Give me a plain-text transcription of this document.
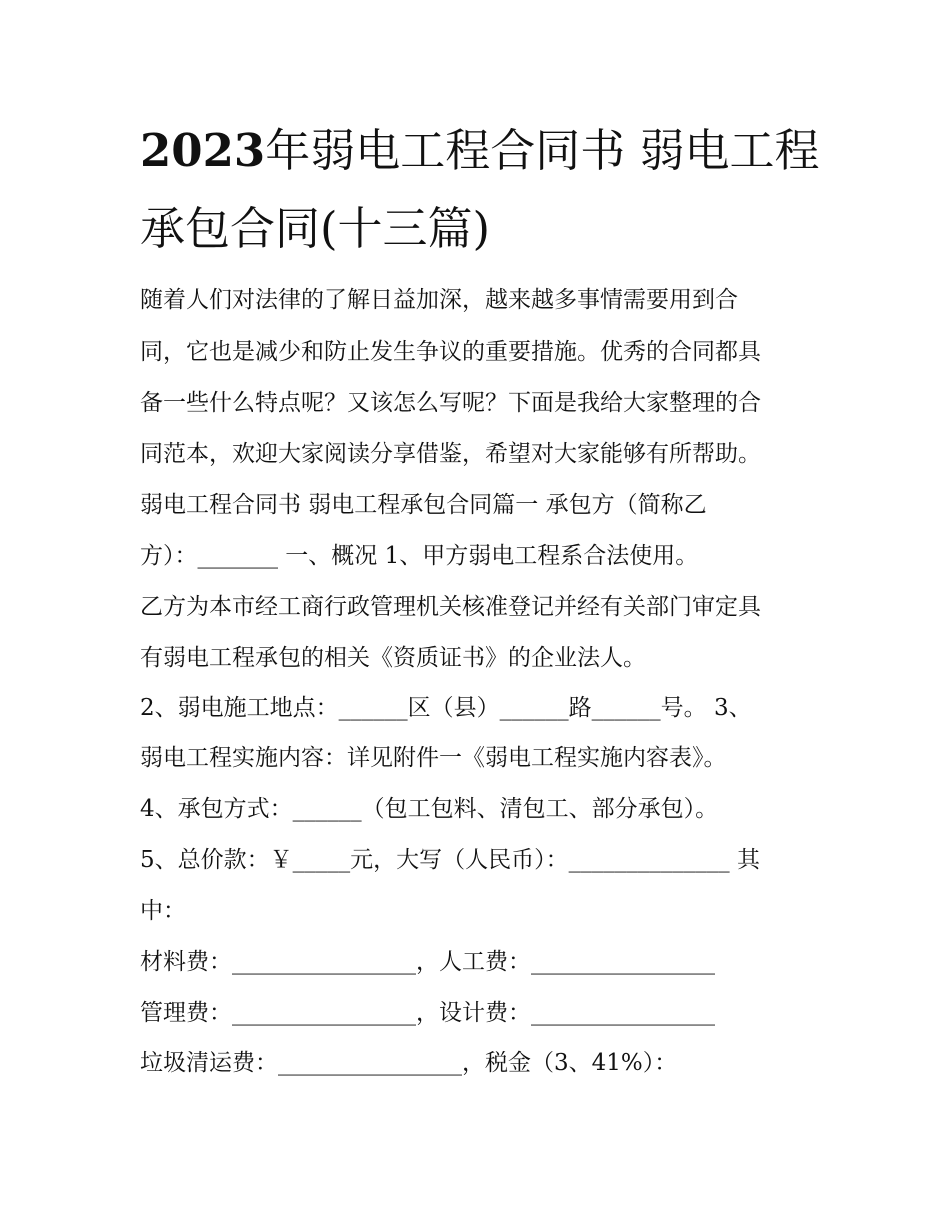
2023年弱电工程合同书 弱电工程承包合同(十三篇)
随着人们对法律的了解日益加深，越来越多事情需要用到合
同，它也是减少和防止发生争议的重要措施。优秀的合同都具
备一些什么特点呢？又该怎么写呢？下面是我给大家整理的合
同范本，欢迎大家阅读分享借鉴，希望对大家能够有所帮助。
弱电工程合同书 弱电工程承包合同篇一 承包方（简称乙
方）：_______ 一、概况 1、甲方弱电工程系合法使用。
乙方为本市经工商行政管理机关核准登记并经有关部门审定具
有弱电工程承包的相关《资质证书》的企业法人。
2、弱电施工地点：______区（县）______路______号。 3、
弱电工程实施内容：详见附件一《弱电工程实施内容表》。
4、承包方式：______（包工包料、清包工、部分承包）。
5、总价款：￥_____元，大写（人民币）：______________ 其
中：
材料费：________________，人工费：________________
管理费：________________，设计费：________________
垃圾清运费：________________，税金（3、41%）：
